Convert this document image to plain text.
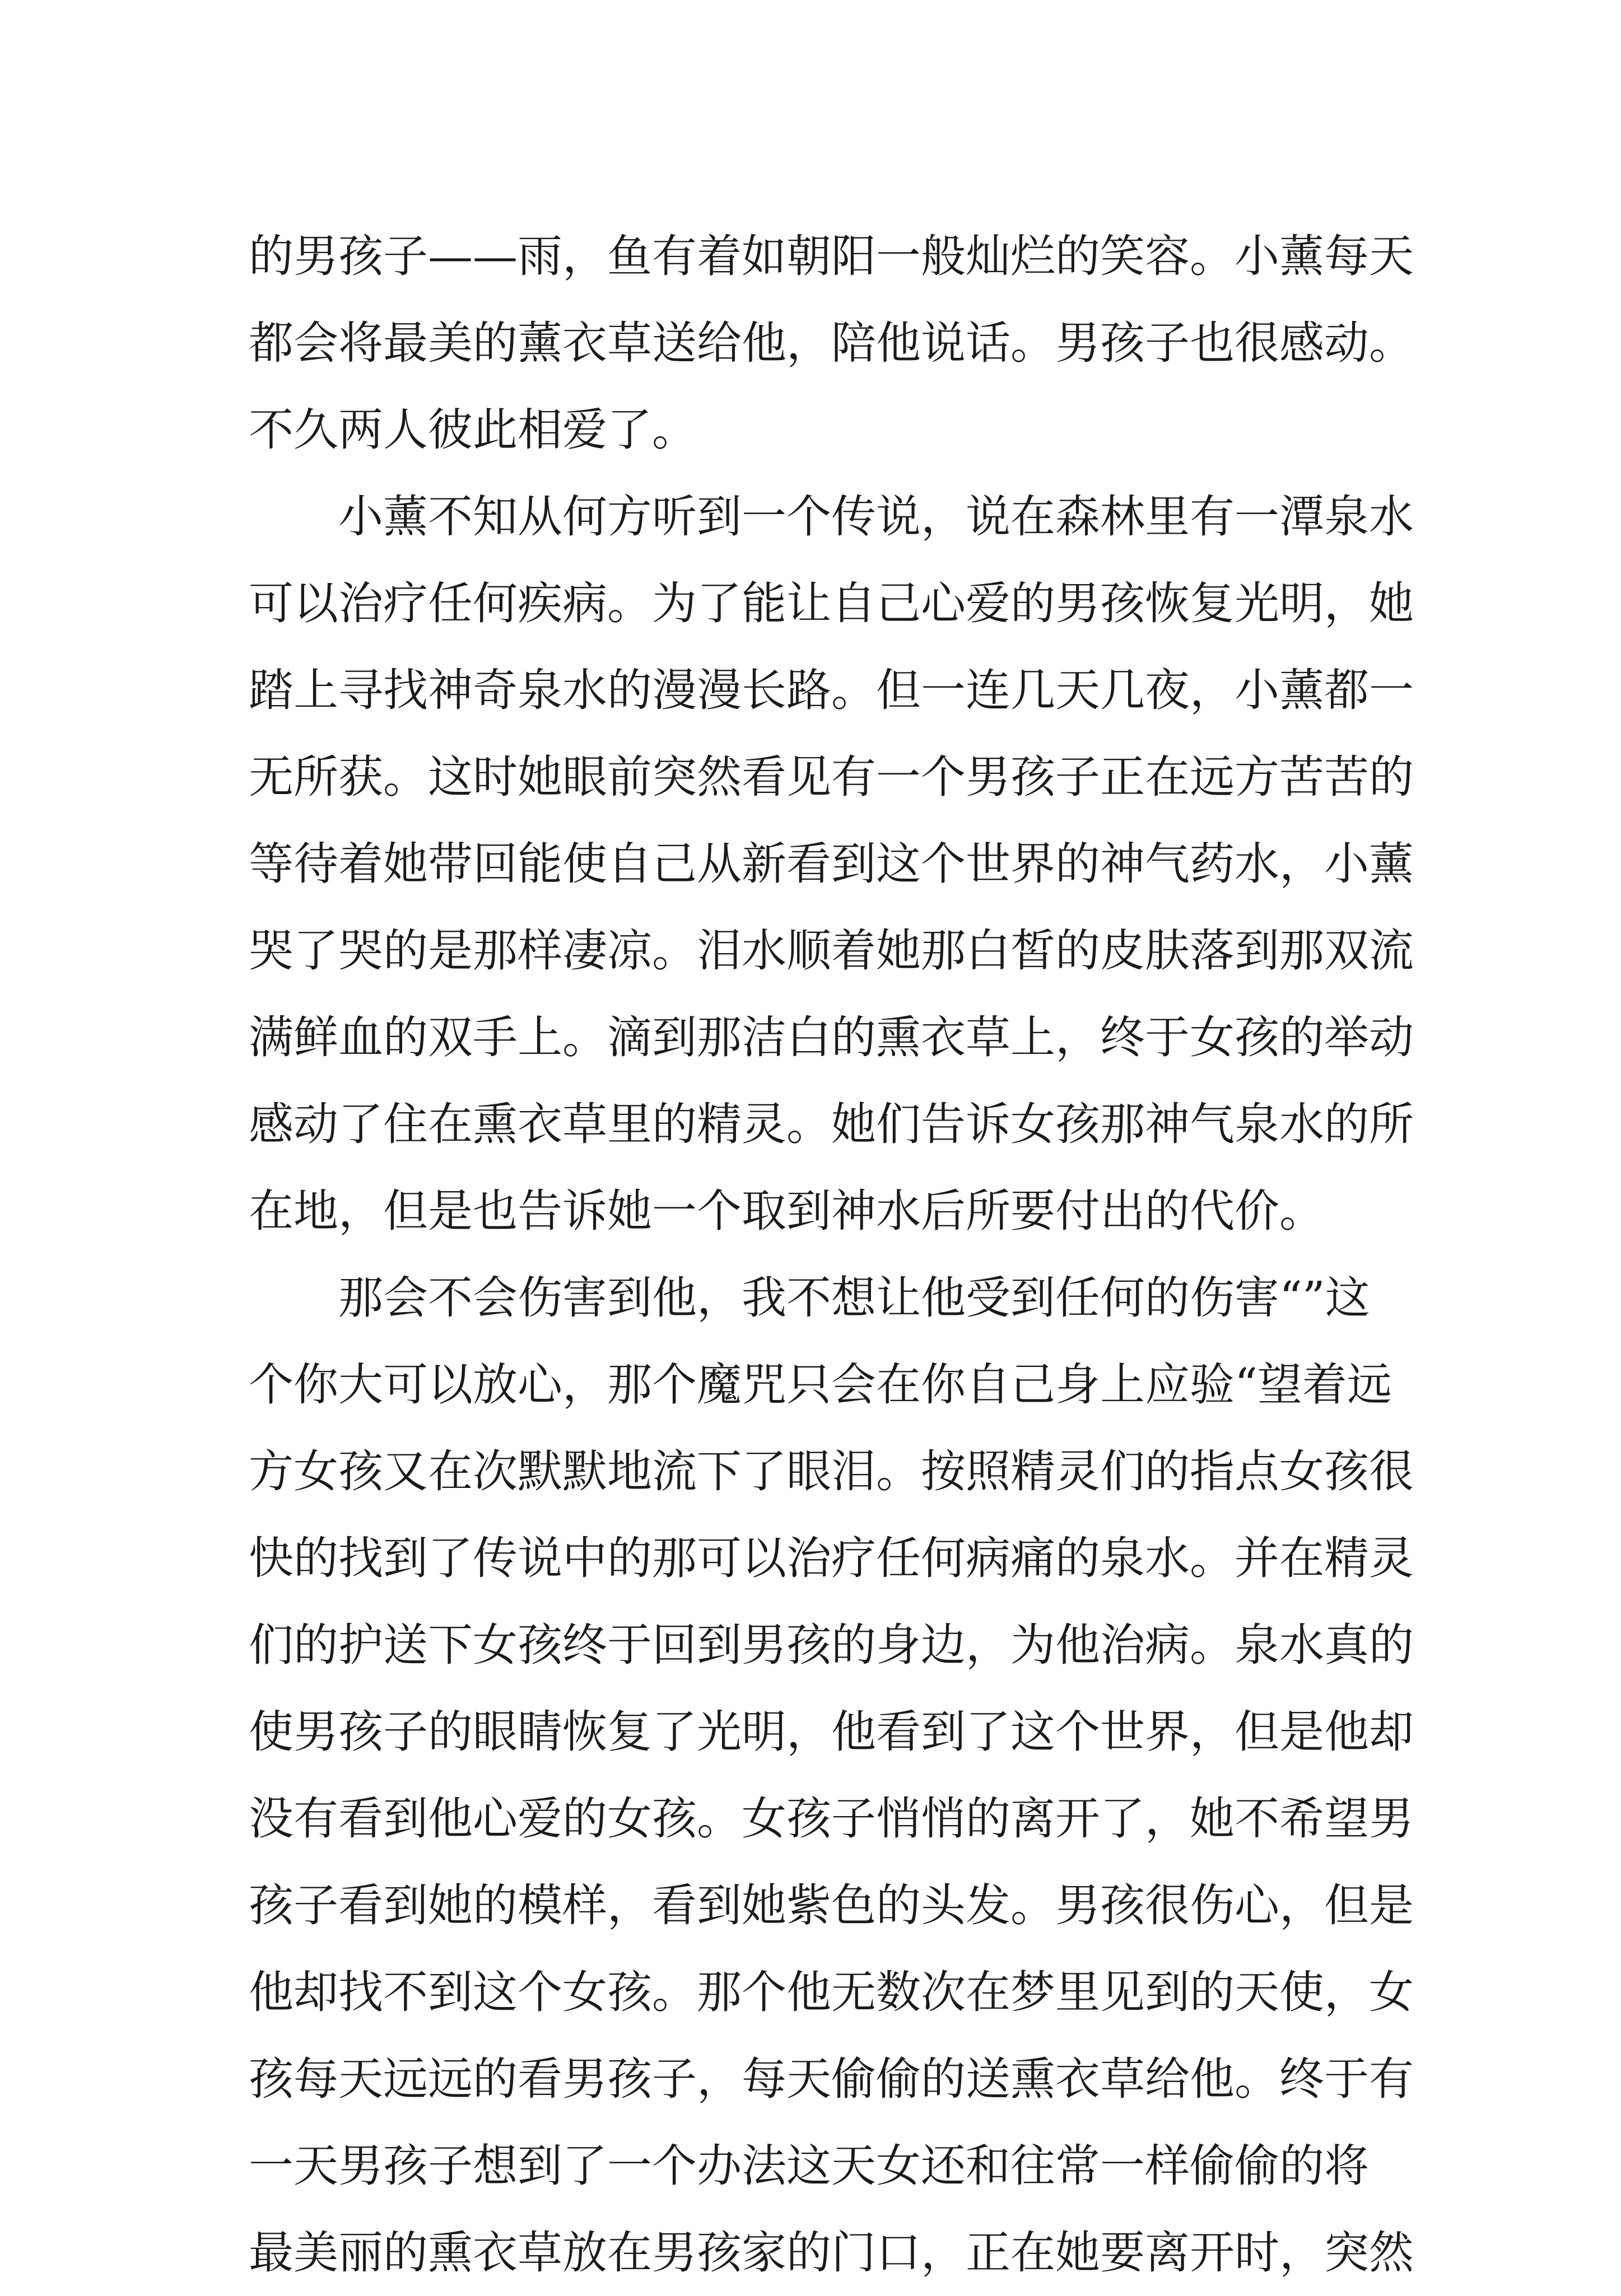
的男孩子——雨，鱼有着如朝阳一般灿烂的笑容。小薰每天
都会将最美的薰衣草送给他，陪他说话。男孩子也很感动。
不久两人彼此相爱了。
小薰不知从何方听到一个传说，说在森林里有一潭泉水
可以治疗任何疾病。为了能让自己心爱的男孩恢复光明，她
踏上寻找神奇泉水的漫漫长路。但一连几天几夜，小薰都一
无所获。这时她眼前突然看见有一个男孩子正在远方苦苦的
等待着她带回能使自己从新看到这个世界的神气药水，小薰
哭了哭的是那样凄凉。泪水顺着她那白皙的皮肤落到那双流
满鲜血的双手上。滴到那洁白的熏衣草上，终于女孩的举动
感动了住在熏衣草里的精灵。她们告诉女孩那神气泉水的所
在地，但是也告诉她一个取到神水后所要付出的代价。
那会不会伤害到他，我不想让他受到任何的伤害“”这
个你大可以放心，那个魔咒只会在你自己身上应验“望着远
方女孩又在次默默地流下了眼泪。按照精灵们的指点女孩很
快的找到了传说中的那可以治疗任何病痛的泉水。并在精灵
们的护送下女孩终于回到男孩的身边，为他治病。泉水真的
使男孩子的眼睛恢复了光明，他看到了这个世界，但是他却
没有看到他心爱的女孩。女孩子悄悄的离开了，她不希望男
孩子看到她的模样，看到她紫色的头发。男孩很伤心，但是
他却找不到这个女孩。那个他无数次在梦里见到的天使，女
孩每天远远的看男孩子，每天偷偷的送熏衣草给他。终于有
一天男孩子想到了一个办法这天女还和往常一样偷偷的将
最美丽的熏衣草放在男孩家的门口，正在她要离开时，突然
